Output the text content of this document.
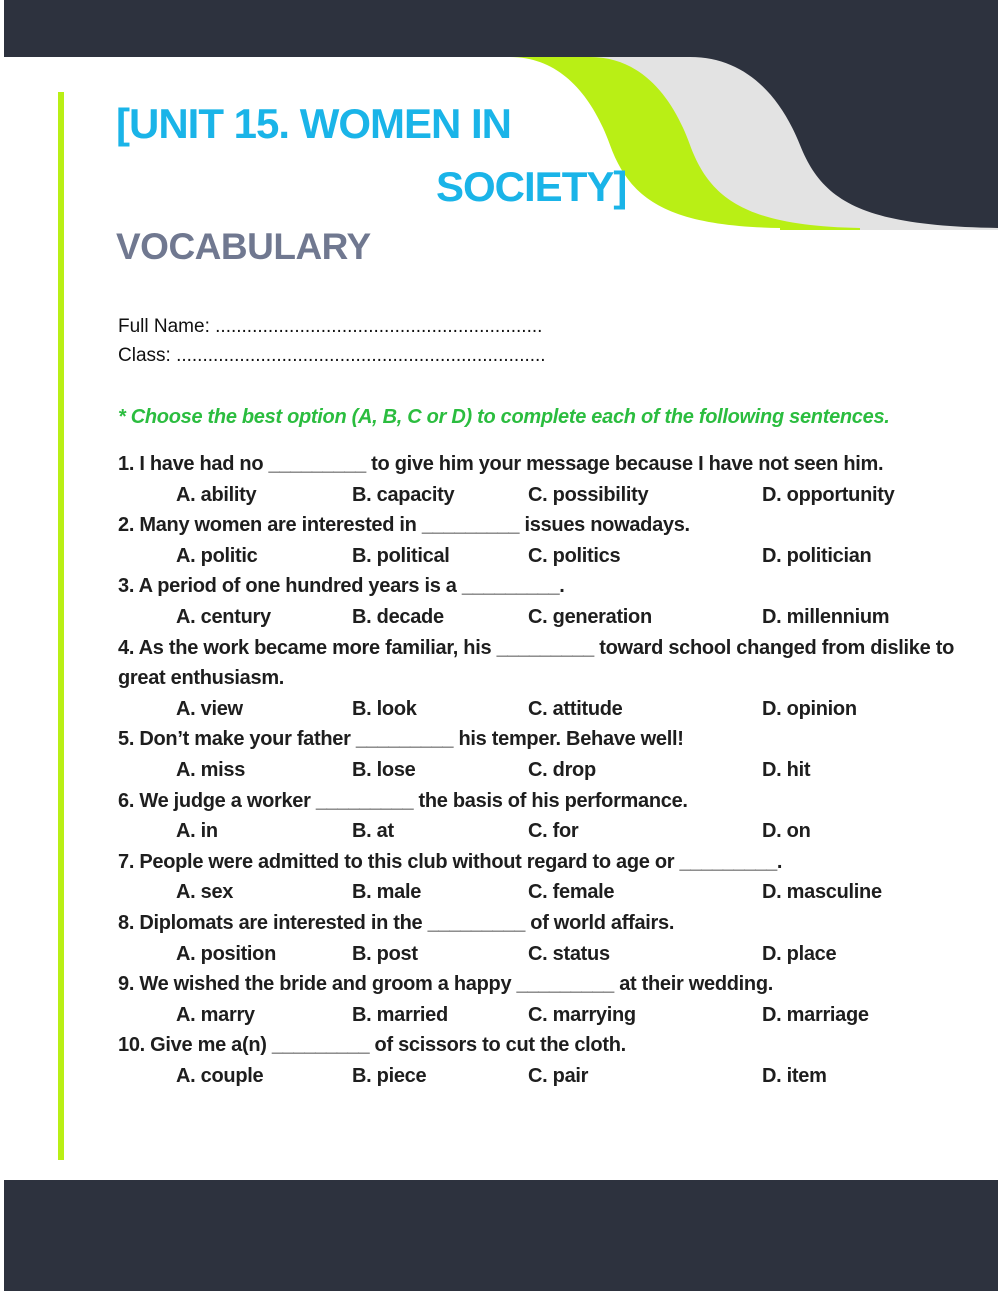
[UNIT 15. WOMEN IN
SOCIETY]
VOCABULARY
Full Name: ..............................................................
Class: ......................................................................
* Choose the best option (A, B, C or D) to complete each of the following sentences.
1. I have had no _________ to give him your message because I have not seen him.
A. ability	B. capacity	C. possibility	D. opportunity
2. Many women are interested in _________ issues nowadays.
A. politic	B. political	C. politics	D. politician
3. A period of one hundred years is a _________.
A. century	B. decade	C. generation	D. millennium
4. As the work became more familiar, his _________ toward school changed from dislike to great enthusiasm.
A. view	B. look	C. attitude	D. opinion
5. Don’t make your father _________ his temper. Behave well!
A. miss	B. lose	C. drop	D. hit
6. We judge a worker _________ the basis of his performance.
A. in	B. at	C. for	D. on
7. People were admitted to this club without regard to age or _________.
A. sex	B. male	C. female	D. masculine
8. Diplomats are interested in the _________ of world affairs.
A. position	B. post	C. status	D. place
9. We wished the bride and groom a happy _________ at their wedding.
A. marry	B. married	C. marrying	D. marriage
10. Give me a(n) _________ of scissors to cut the cloth.
A. couple	B. piece	C. pair	D. item
